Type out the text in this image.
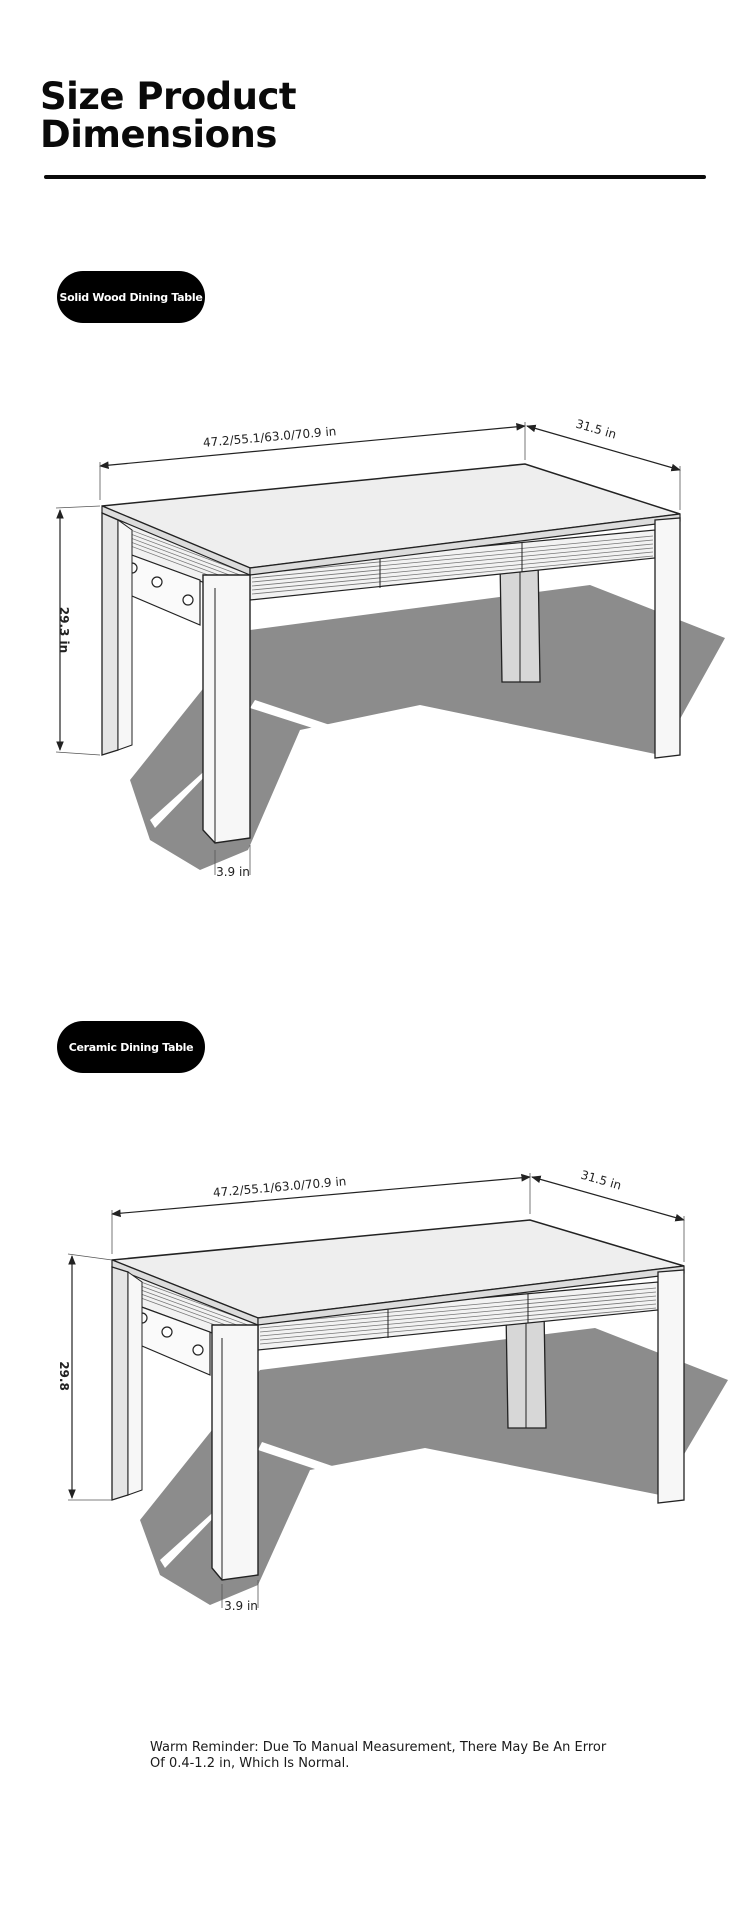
Size Product
Dimensions
Solid Wood Dining Table
47.2/55.1/63.0/70.9 in	31.5 in
29.3 in
3.9 in
Ceramic Dining Table
47.2/55.1/63.0/70.9 in	31.5 in
29.8
3.9 in
Warm Reminder: Due To Manual Measurement, There May Be An Error
Of 0.4-1.2 in, Which Is Normal.
